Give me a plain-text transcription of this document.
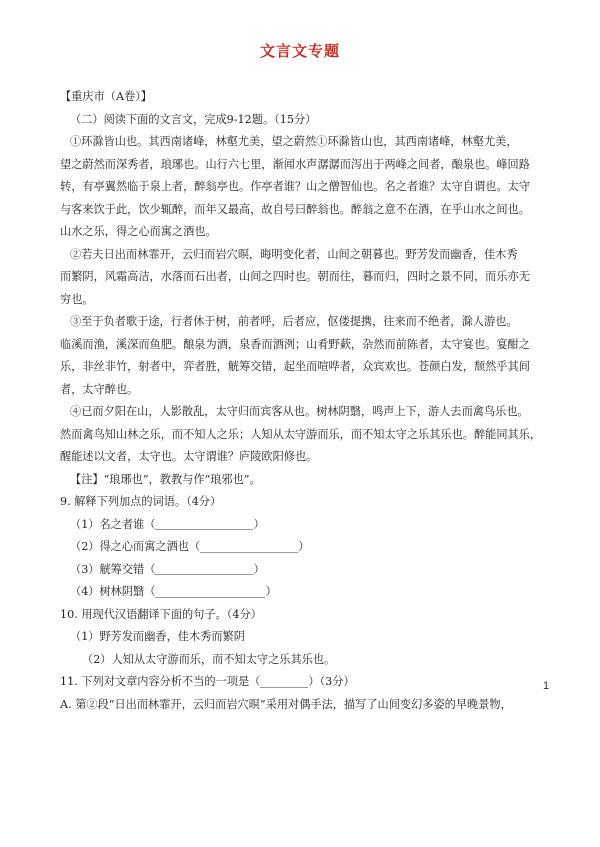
文言文专题
【重庆市（A卷）】
（二）阅读下面的文言文，完成9-12题。（15分）
①环滁皆山也。其西南诸峰，林壑尤美，望之蔚然①环滁皆山也，其西南诸峰，林壑尤美，
望之蔚然而深秀者，琅琊也。山行六七里，渐闻水声潺潺而泻出于两峰之间者，酿泉也。峰回路
转，有亭翼然临于泉上者，醉翁亭也。作亭者谁？山之僧智仙也。名之者谁？太守自谓也。太守
与客来饮于此，饮少辄醉，而年又最高，故自号曰醉翁也。醉翁之意不在酒，在乎山水之间也。
山水之乐，得之心而寓之酒也。
②若夫日出而林霏开，云归而岩穴暝，晦明变化者，山间之朝暮也。野芳发而幽香，佳木秀
而繁阴，风霜高洁，水落而石出者，山间之四时也。朝而往，暮而归，四时之景不同，而乐亦无
穷也。
③至于负者歌于途，行者休于树，前者呼，后者应，伛偻提携，往来而不绝者，滁人游也。
临溪而渔，溪深而鱼肥。酿泉为酒，泉香而酒洌；山肴野蔌，杂然而前陈者，太守宴也。宴酣之
乐，非丝非竹，射者中，弈者胜，觥筹交错，起坐而喧哗者，众宾欢也。苍颜白发，颓然乎其间
者，太守醉也。
④已而夕阳在山，人影散乱，太守归而宾客从也。树林阴翳，鸣声上下，游人去而禽鸟乐也。
然而禽鸟知山林之乐，而不知人之乐；人知从太守游而乐，而不知太守之乐其乐也。醉能同其乐，
醒能述以文者，太守也。太守谓谁？庐陵欧阳修也。
【注】“琅琊也”，教教与作“琅邪也”。
9. 解释下列加点的词语。（4分）
（1）名之者谁（	）
（2）得之心而寓之酒也（	）
（3）觥筹交错（	）
（4）树林阴翳（	）
10. 用现代汉语翻译下面的句子。（4分）
（1）野芳发而幽香，佳木秀而繁阴
（2）人知从太守游而乐，而不知太守之乐其乐也。
11. 下列对文章内容分析不当的一项是（	）（3分）
A. 第②段“日出而林霏开，云归而岩穴暝”采用对偶手法，描写了山间变幻多姿的早晚景物，
1
